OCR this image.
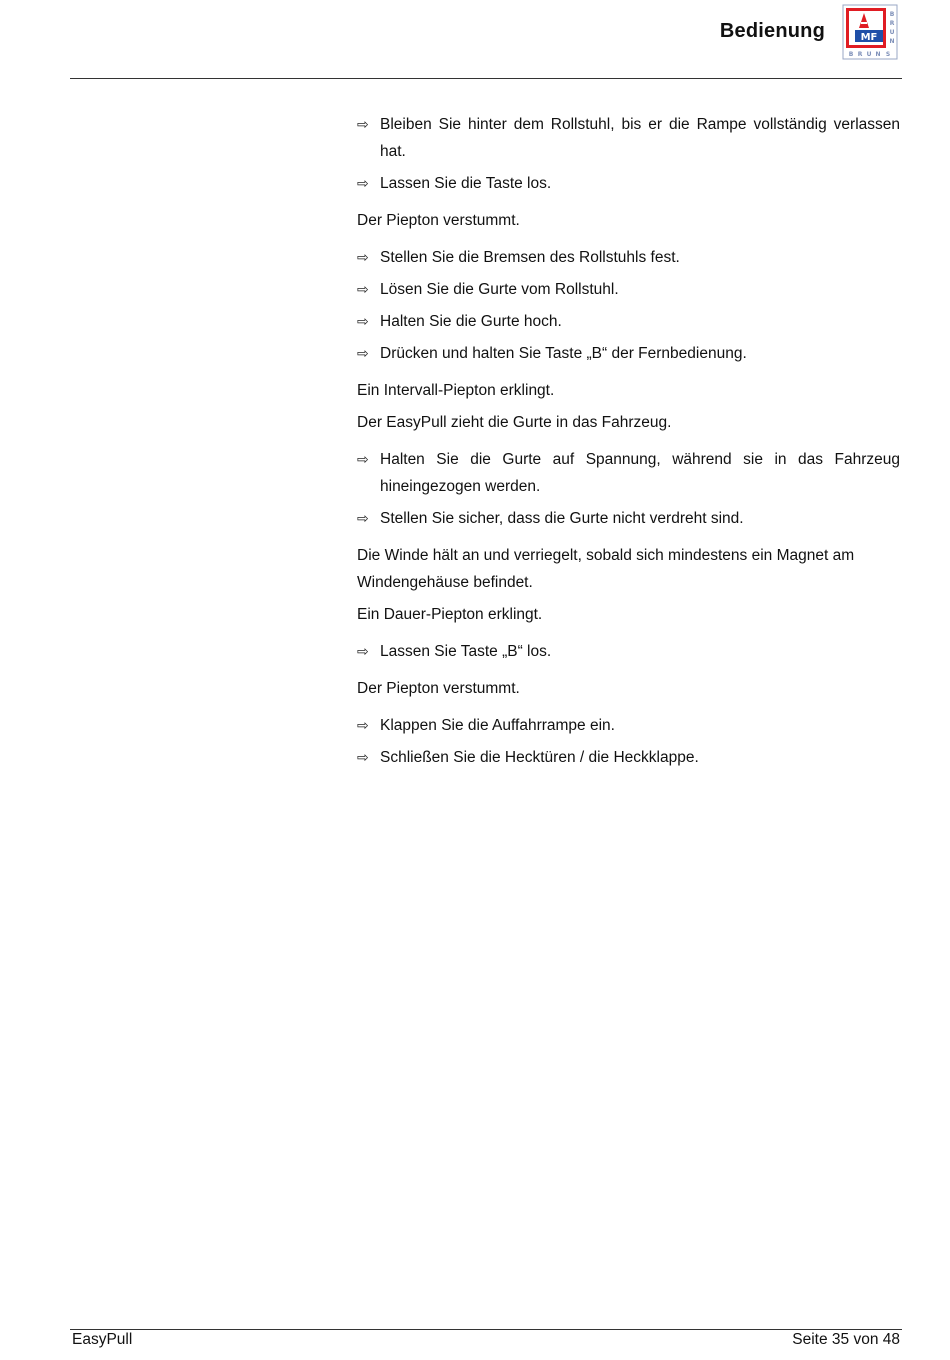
Bedienung	MF
B
R
U
N
B R U N S
⇨ Bleiben Sie hinter dem Rollstuhl, bis er die Rampe vollständig verlassen hat.
⇨ Lassen Sie die Taste los.
Der Piepton verstummt.
⇨ Stellen Sie die Bremsen des Rollstuhls fest.
⇨ Lösen Sie die Gurte vom Rollstuhl.
⇨ Halten Sie die Gurte hoch.
⇨ Drücken und halten Sie Taste „B“ der Fernbedienung.
Ein Intervall-Piepton erklingt.
Der EasyPull zieht die Gurte in das Fahrzeug.
⇨ Halten Sie die Gurte auf Spannung, während sie in das Fahrzeug hineingezogen werden.
⇨ Stellen Sie sicher, dass die Gurte nicht verdreht sind.
Die Winde hält an und verriegelt, sobald sich mindestens ein Magnet am Windengehäuse befindet.
Ein Dauer-Piepton erklingt.
⇨ Lassen Sie Taste „B“ los.
Der Piepton verstummt.
⇨ Klappen Sie die Auffahrrampe ein.
⇨ Schließen Sie die Hecktüren / die Heckklappe.
EasyPull	Seite 35 von 48
